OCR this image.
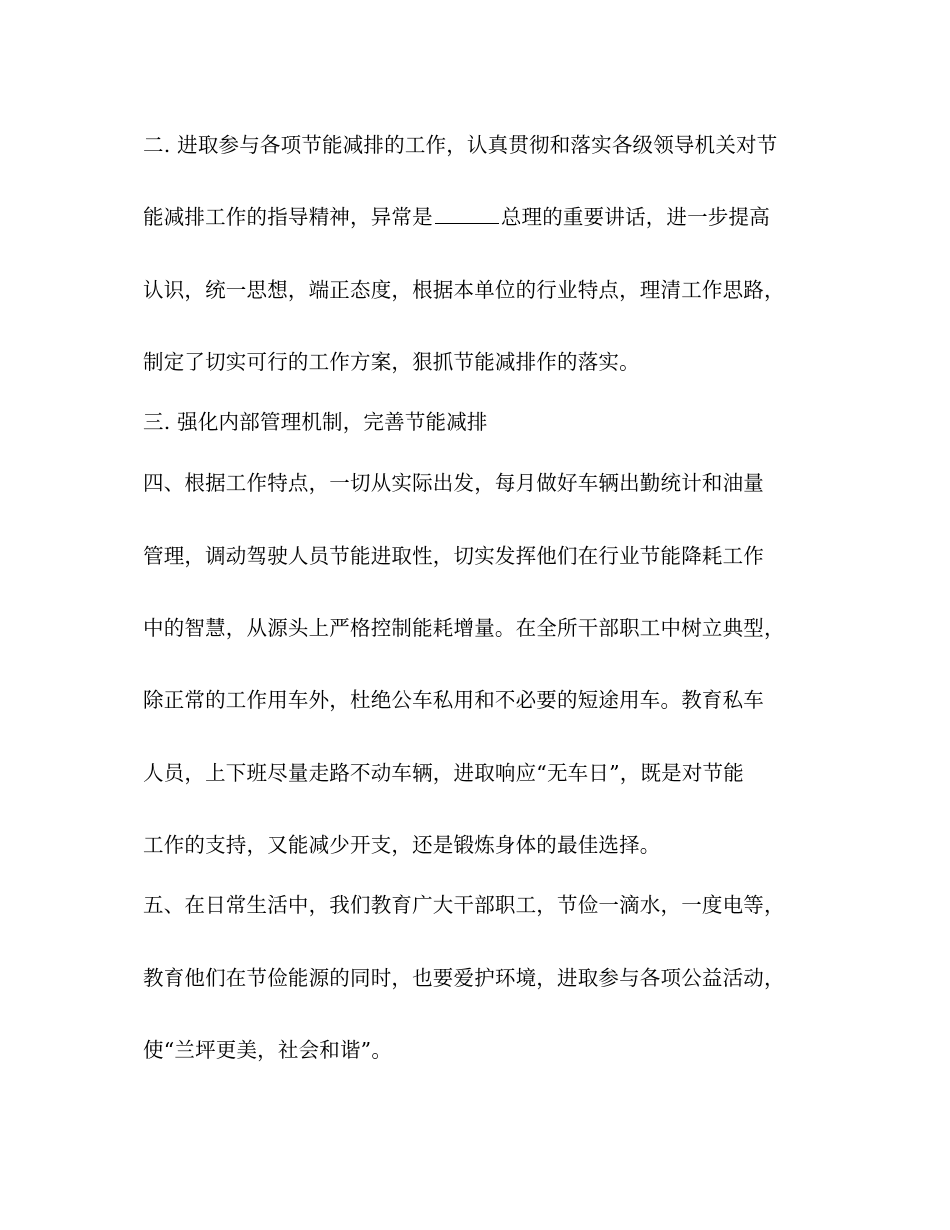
二. 进取参与各项节能减排的工作，认真贯彻和落实各级领导机关对节
能减排工作的指导精神，异常是	总理的重要讲话，进一步提高
认识，统一思想，端正态度，根据本单位的行业特点，理清工作思路，
制定了切实可行的工作方案，狠抓节能减排作的落实。
三. 强化内部管理机制，完善节能减排
四、根据工作特点，一切从实际出发，每月做好车辆出勤统计和油量
管理，调动驾驶人员节能进取性，切实发挥他们在行业节能降耗工作
中的智慧，从源头上严格控制能耗增量。在全所干部职工中树立典型，
除正常的工作用车外，杜绝公车私用和不必要的短途用车。教育私车
人员，上下班尽量走路不动车辆，进取响应“无车日”，既是对节能
工作的支持，又能减少开支，还是锻炼身体的最佳选择。
五、在日常生活中，我们教育广大干部职工，节俭一滴水，一度电等，
教育他们在节俭能源的同时，也要爱护环境，进取参与各项公益活动，
使“兰坪更美，社会和谐”。
